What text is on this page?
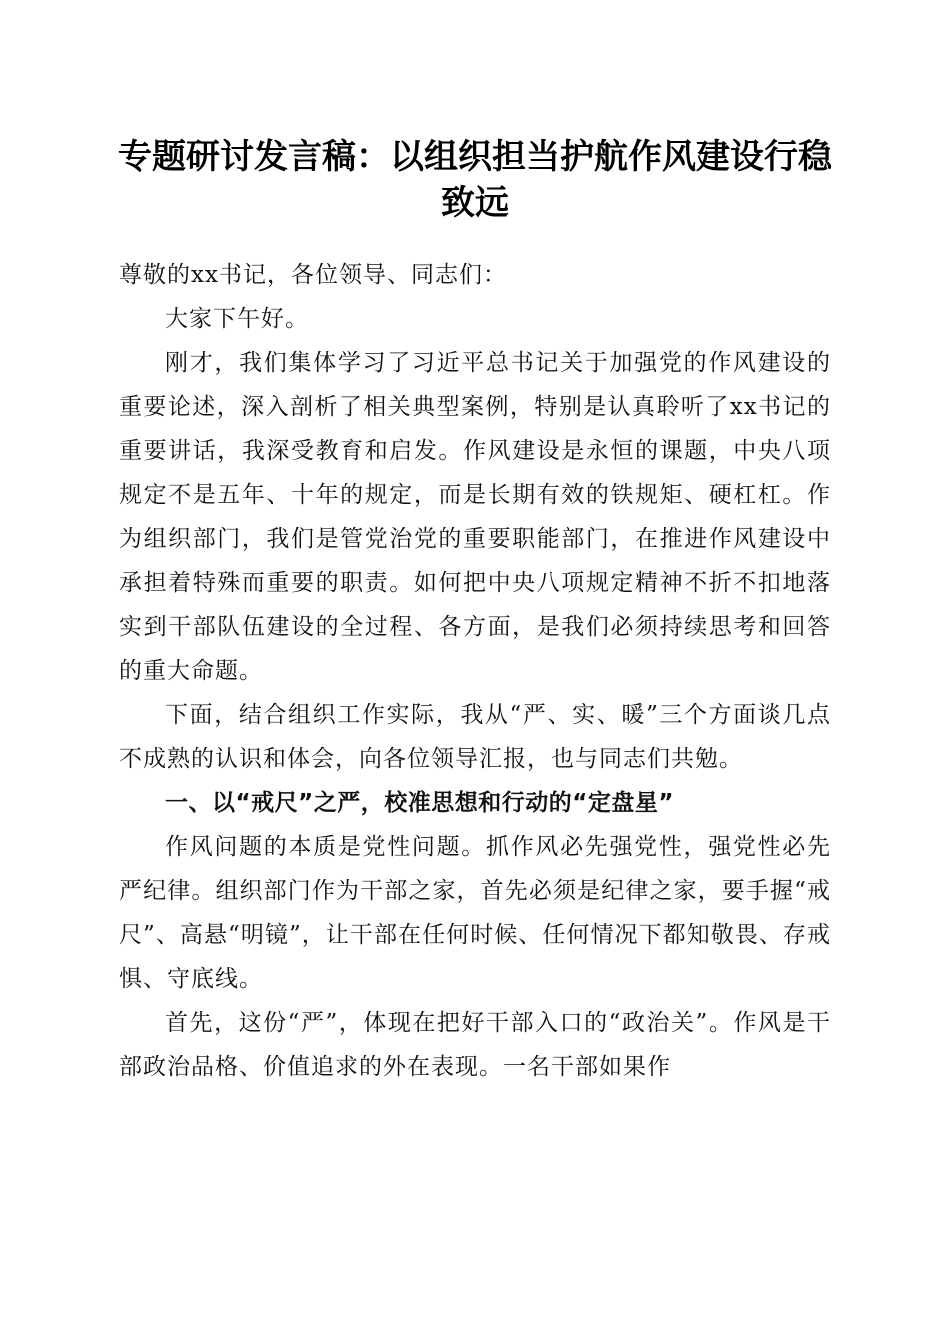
专题研讨发言稿：以组织担当护航作风建设行稳致远

尊敬的xx书记，各位领导、同志们：

大家下午好。

刚才，我们集体学习了习近平总书记关于加强党的作风建设的重要论述，深入剖析了相关典型案例，特别是认真聆听了xx书记的重要讲话，我深受教育和启发。作风建设是永恒的课题，中央八项规定不是五年、十年的规定，而是长期有效的铁规矩、硬杠杠。作为组织部门，我们是管党治党的重要职能部门，在推进作风建设中承担着特殊而重要的职责。如何把中央八项规定精神不折不扣地落实到干部队伍建设的全过程、各方面，是我们必须持续思考和回答的重大命题。

下面，结合组织工作实际，我从“严、实、暖”三个方面谈几点不成熟的认识和体会，向各位领导汇报，也与同志们共勉。

一、以“戒尺”之严，校准思想和行动的“定盘星”

作风问题的本质是党性问题。抓作风必先强党性，强党性必先严纪律。组织部门作为干部之家，首先必须是纪律之家，要手握“戒尺”、高悬“明镜”，让干部在任何时候、任何情况下都知敬畏、存戒惧、守底线。

首先，这份“严”，体现在把好干部入口的“政治关”。作风是干部政治品格、价值追求的外在表现。一名干部如果作
